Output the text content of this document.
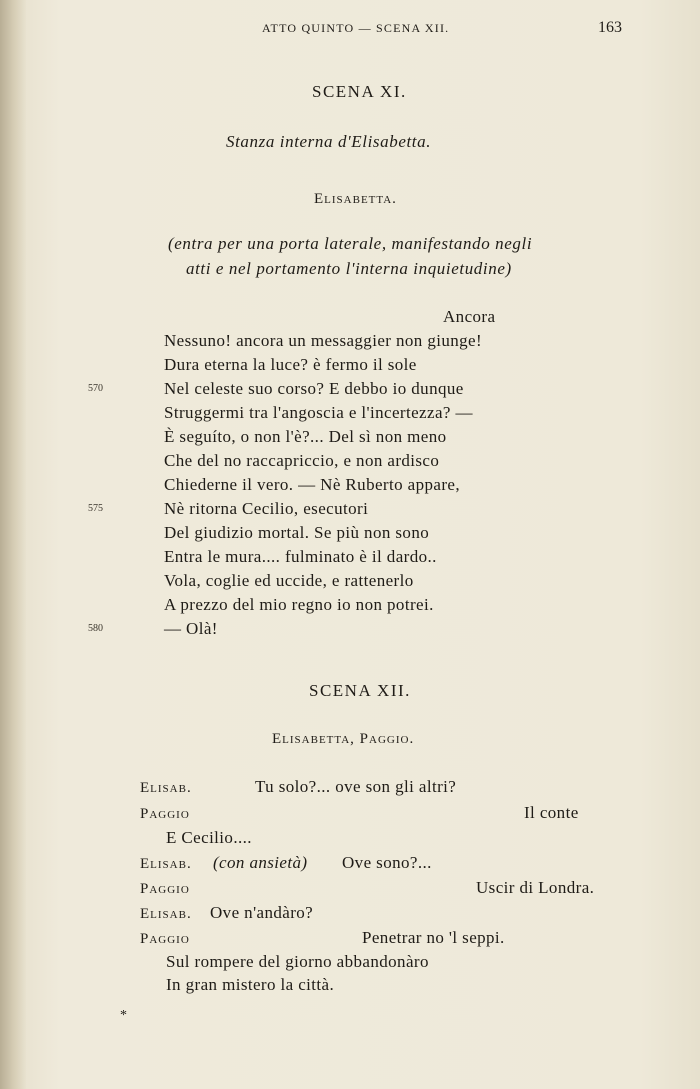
ATTO QUINTO — SCENA XII.	163
SCENA XI.
Stanza interna d'Elisabetta.
Elisabetta.
(entra per una porta laterale, manifestando negli
atti e nel portamento l'interna inquietudine)
Ancora
Nessuno! ancora un messaggier non giunge!
Dura eterna la luce? è fermo il sole
Nel celeste suo corso? E debbo io dunque
Struggermi tra l'angoscia e l'incertezza? —
È seguíto, o non l'è?... Del sì non meno
Che del no raccapriccio, e non ardisco
Chiederne il vero. — Nè Ruberto appare,
Nè ritorna Cecilio, esecutori
Del giudizio mortal. Se più non sono
Entra le mura.... fulminato è il dardo..
Vola, coglie ed uccide, e rattenerlo
A prezzo del mio regno io non potrei.
— Olà!
570
575
580
SCENA XII.
Elisabetta, Paggio.
Elisab.	Tu solo?... ove son gli altri?
Paggio	Il conte
E Cecilio....
Elisab. (con ansietà) Ove sono?...
Paggio	Uscir di Londra.
Elisab. Ove n'andàro?
Paggio	Penetrar no 'l seppi.
Sul rompere del giorno abbandonàro
In gran mistero la città.
*
